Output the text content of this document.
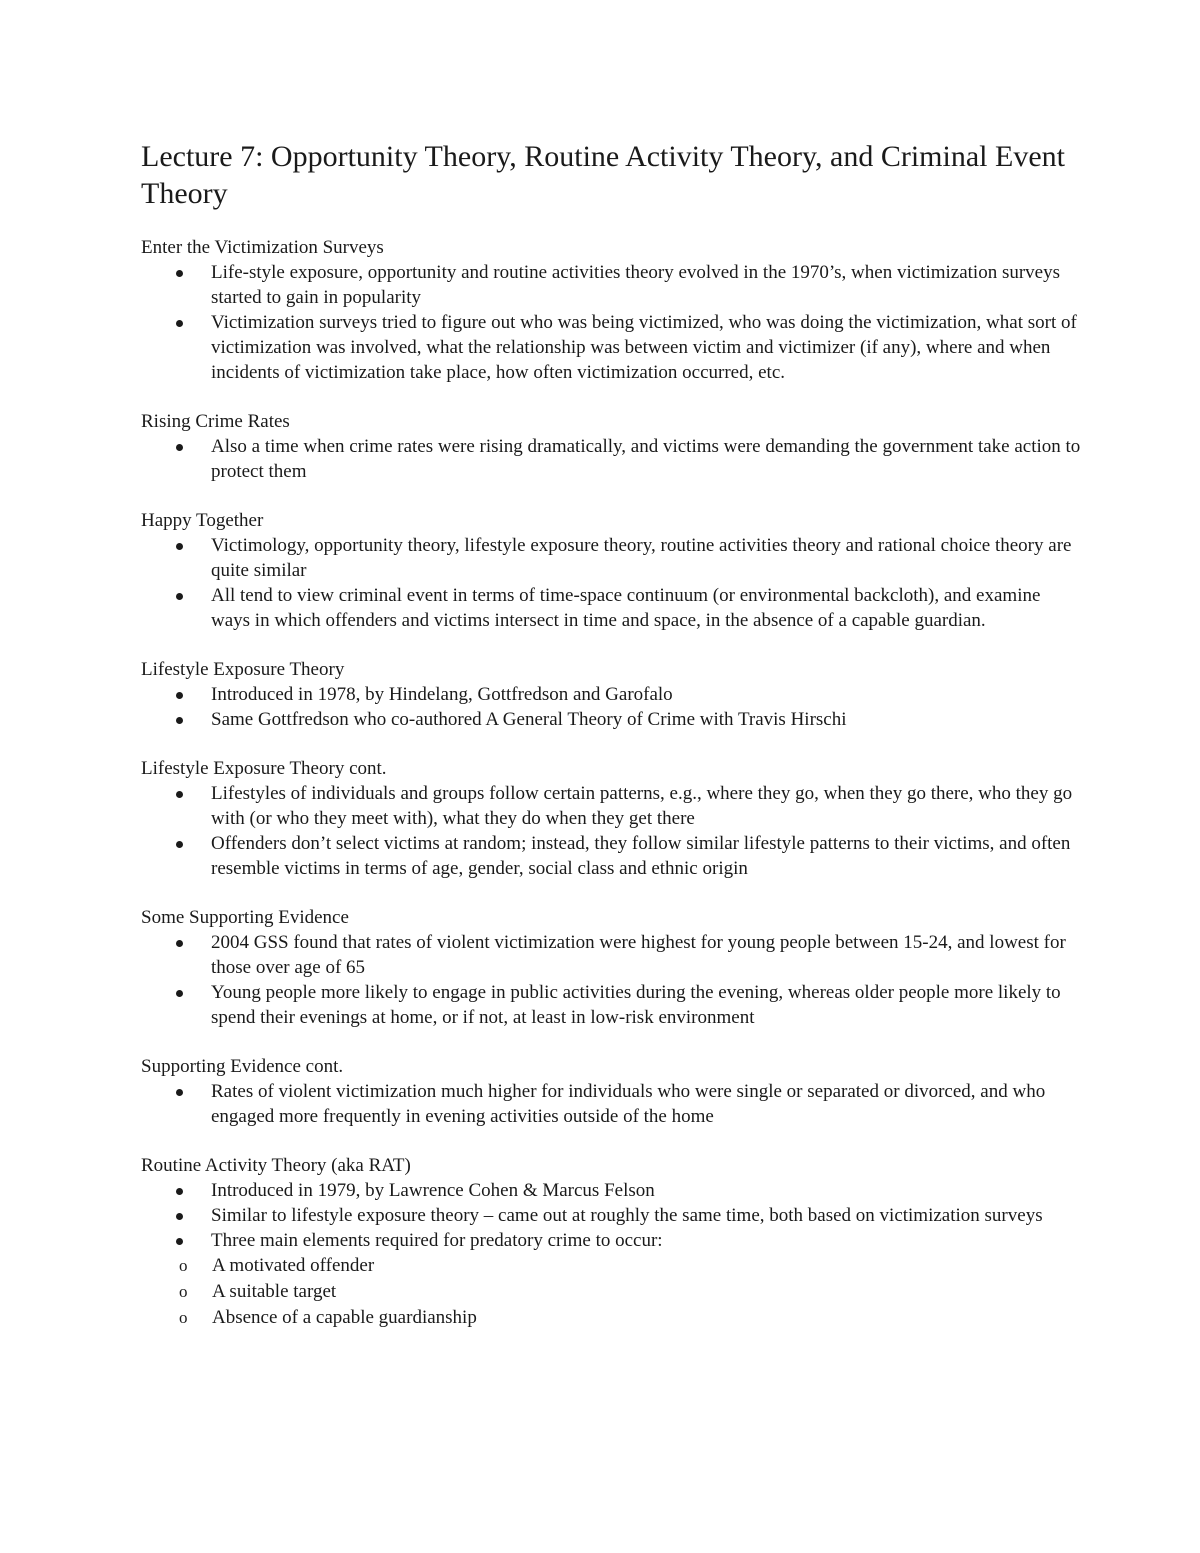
Lecture 7: Opportunity Theory, Routine Activity Theory, and Criminal Event Theory

Enter the Victimization Surveys

Life-style exposure, opportunity and routine activities theory evolved in the 1970’s, when victimization surveys started to gain in popularity
Victimization surveys tried to figure out who was being victimized, who was doing the victimization, what sort of victimization was involved, what the relationship was between victim and victimizer (if any), where and when incidents of victimization take place, how often victimization occurred, etc.

Rising Crime Rates

Also a time when crime rates were rising dramatically, and victims were demanding the government take action to protect them

Happy Together

Victimology, opportunity theory, lifestyle exposure theory, routine activities theory and rational choice theory are quite similar
All tend to view criminal event in terms of time-space continuum (or environmental backcloth), and examine ways in which offenders and victims intersect in time and space, in the absence of a capable guardian.

Lifestyle Exposure Theory

Introduced in 1978, by Hindelang, Gottfredson and Garofalo
Same Gottfredson who co-authored A General Theory of Crime with Travis Hirschi

Lifestyle Exposure Theory cont.

Lifestyles of individuals and groups follow certain patterns, e.g., where they go, when they go there, who they go with (or who they meet with), what they do when they get there
Offenders don’t select victims at random; instead, they follow similar lifestyle patterns to their victims, and often resemble victims in terms of age, gender, social class and ethnic origin

Some Supporting Evidence

2004 GSS found that rates of violent victimization were highest for young people between 15-24, and lowest for those over age of 65
Young people more likely to engage in public activities during the evening, whereas older people more likely to spend their evenings at home, or if not, at least in low-risk environment

Supporting Evidence cont.

Rates of violent victimization much higher for individuals who were single or separated or divorced, and who engaged more frequently in evening activities outside of the home

Routine Activity Theory (aka RAT)

Introduced in 1979, by Lawrence Cohen & Marcus Felson
Similar to lifestyle exposure theory – came out at roughly the same time, both based on victimization surveys
Three main elements required for predatory crime to occur:
o A motivated offender
o A suitable target
o Absence of a capable guardianship
